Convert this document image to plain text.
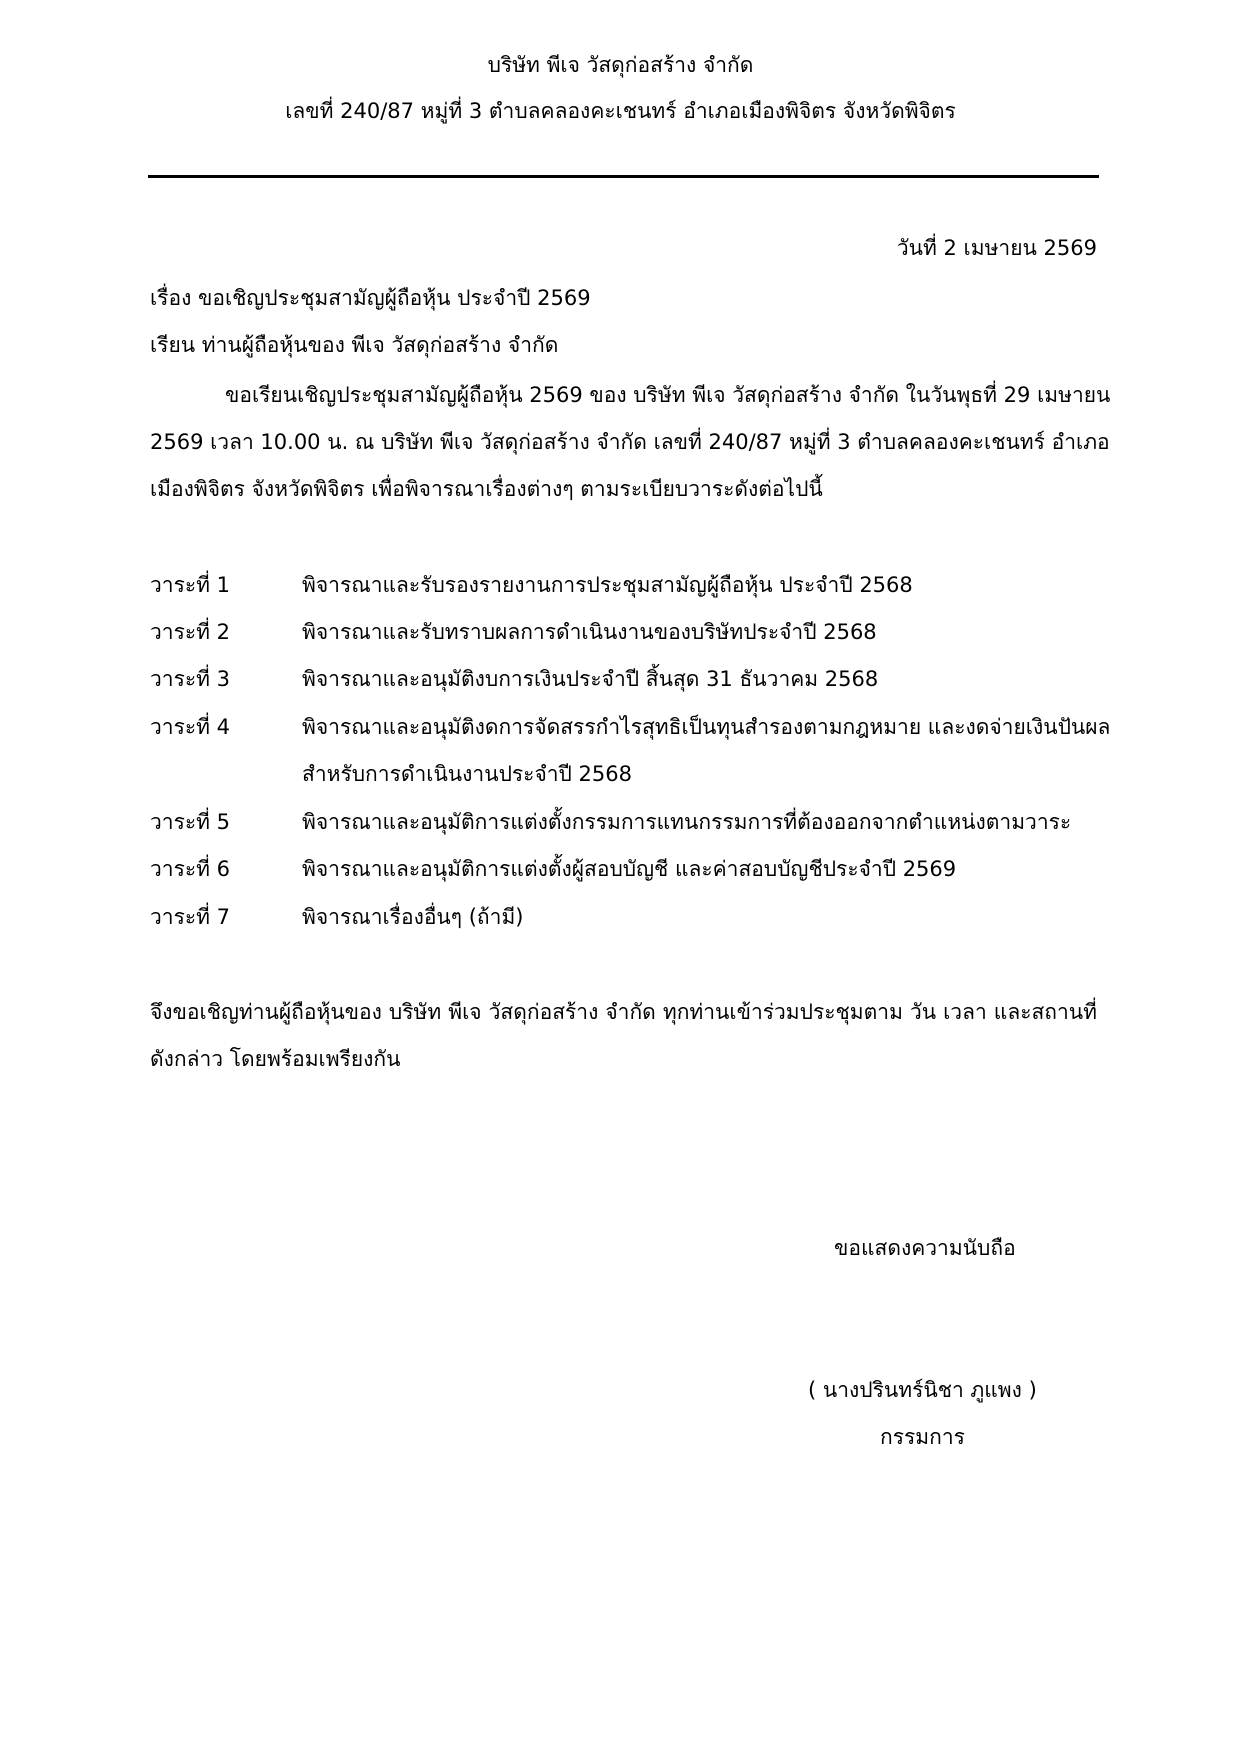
บริษัท พีเจ วัสดุก่อสร้าง จำกัด
เลขที่ 240/87 หมู่ที่ 3 ตำบลคลองคะเชนทร์ อำเภอเมืองพิจิตร จังหวัดพิจิตร
วันที่ 2 เมษายน 2569
เรื่อง ขอเชิญประชุมสามัญผู้ถือหุ้น ประจำปี 2569
เรียน ท่านผู้ถือหุ้นของ พีเจ วัสดุก่อสร้าง จำกัด
ขอเรียนเชิญประชุมสามัญผู้ถือหุ้น 2569 ของ บริษัท พีเจ วัสดุก่อสร้าง จำกัด ในวันพุธที่ 29 เมษายน
2569 เวลา 10.00 น. ณ บริษัท พีเจ วัสดุก่อสร้าง จำกัด เลขที่ 240/87 หมู่ที่ 3 ตำบลคลองคะเชนทร์ อำเภอ
เมืองพิจิตร จังหวัดพิจิตร เพื่อพิจารณาเรื่องต่างๆ ตามระเบียบวาระดังต่อไปนี้
วาระที่ 1	พิจารณาและรับรองรายงานการประชุมสามัญผู้ถือหุ้น ประจำปี 2568
วาระที่ 2	พิจารณาและรับทราบผลการดำเนินงานของบริษัทประจำปี 2568
วาระที่ 3	พิจารณาและอนุมัติงบการเงินประจำปี สิ้นสุด 31 ธันวาคม 2568
วาระที่ 4	พิจารณาและอนุมัติงดการจัดสรรกำไรสุทธิเป็นทุนสำรองตามกฎหมาย และงดจ่ายเงินปันผล
สำหรับการดำเนินงานประจำปี 2568
วาระที่ 5	พิจารณาและอนุมัติการแต่งตั้งกรรมการแทนกรรมการที่ต้องออกจากตำแหน่งตามวาระ
วาระที่ 6	พิจารณาและอนุมัติการแต่งตั้งผู้สอบบัญชี และค่าสอบบัญชีประจำปี 2569
วาระที่ 7	พิจารณาเรื่องอื่นๆ (ถ้ามี)
จึงขอเชิญท่านผู้ถือหุ้นของ บริษัท พีเจ วัสดุก่อสร้าง จำกัด ทุกท่านเข้าร่วมประชุมตาม วัน เวลา และสถานที่
ดังกล่าว โดยพร้อมเพรียงกัน
ขอแสดงความนับถือ
( นางปรินทร์นิชา ภูแพง )
กรรมการ
